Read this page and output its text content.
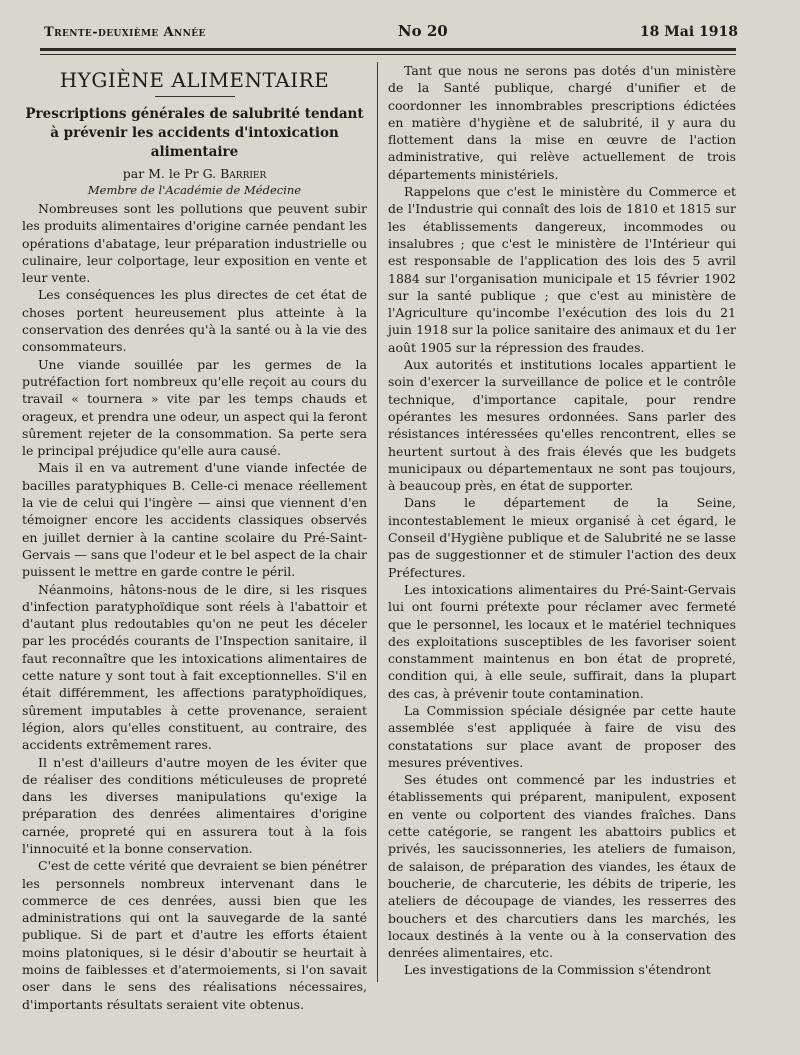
Trente-deuxième Année	No 20	18 Mai 1918
HYGIÈNE ALIMENTAIRE
Prescriptions générales de salubrité tendant
à prévenir les accidents d'intoxication alimentaire
par M. le Pr G. Barrier
Membre de l'Académie de Médecine

Nombreuses sont les pollutions que peuvent subir les produits alimentaires d'origine carnée pendant les opérations d'abatage, leur préparation industrielle ou culinaire, leur colportage, leur exposition en vente et leur vente.

Les conséquences les plus directes de cet état de choses portent heureusement plus atteinte à la conservation des denrées qu'à la santé ou à la vie des consommateurs.

Une viande souillée par les germes de la putréfaction fort nombreux qu'elle reçoit au cours du travail « tournera » vite par les temps chauds et orageux, et prendra une odeur, un aspect qui la feront sûrement rejeter de la consommation. Sa perte sera le principal préjudice qu'elle aura causé.

Mais il en va autrement d'une viande infectée de bacilles paratyphiques B. Celle-ci menace réellement la vie de celui qui l'ingère — ainsi que viennent d'en témoigner encore les accidents classiques observés en juillet dernier à la cantine scolaire du Pré-Saint-Gervais — sans que l'odeur et le bel aspect de la chair puissent le mettre en garde contre le péril.

Néanmoins, hâtons-nous de le dire, si les risques d'infection paratyphoïdique sont réels à l'abattoir et d'autant plus redoutables qu'on ne peut les déceler par les procédés courants de l'Inspection sanitaire, il faut reconnaître que les intoxications alimentaires de cette nature y sont tout à fait exceptionnelles. S'il en était différemment, les affections paratyphoïdiques, sûrement imputables à cette provenance, seraient légion, alors qu'elles constituent, au contraire, des accidents extrêmement rares.

Il n'est d'ailleurs d'autre moyen de les éviter que de réaliser des conditions méticuleuses de propreté dans les diverses manipulations qu'exige la préparation des denrées alimentaires d'origine carnée, propreté qui en assurera tout à la fois l'innocuité et la bonne conservation.

C'est de cette vérité que devraient se bien pénétrer les personnels nombreux intervenant dans le commerce de ces denrées, aussi bien que les administrations qui ont la sauvegarde de la santé publique. Si de part et d'autre les efforts étaient moins platoniques, si le désir d'aboutir se heurtait à moins de faiblesses et d'atermoiements, si l'on savait oser dans le sens des réalisations nécessaires, d'importants résultats seraient vite obtenus.

Tant que nous ne serons pas dotés d'un ministère de la Santé publique, chargé d'unifier et de coordonner les innombrables prescriptions édictées en matière d'hygiène et de salubrité, il y aura du flottement dans la mise en œuvre de l'action administrative, qui relève actuellement de trois départements ministériels.

Rappelons que c'est le ministère du Commerce et de l'Industrie qui connaît des lois de 1810 et 1815 sur les établissements dangereux, incommodes ou insalubres ; que c'est le ministère de l'Intérieur qui est responsable de l'application des lois des 5 avril 1884 sur l'organisation municipale et 15 février 1902 sur la santé publique ; que c'est au ministère de l'Agriculture qu'incombe l'exécution des lois du 21 juin 1918 sur la police sanitaire des animaux et du 1er août 1905 sur la répression des fraudes.

Aux autorités et institutions locales appartient le soin d'exercer la surveillance de police et le contrôle technique, d'importance capitale, pour rendre opérantes les mesures ordonnées. Sans parler des résistances intéressées qu'elles rencontrent, elles se heurtent surtout à des frais élevés que les budgets municipaux ou départementaux ne sont pas toujours, à beaucoup près, en état de supporter.

Dans le département de la Seine, incontestablement le mieux organisé à cet égard, le Conseil d'Hygiène publique et de Salubrité ne se lasse pas de suggestionner et de stimuler l'action des deux Préfectures.

Les intoxications alimentaires du Pré-Saint-Gervais lui ont fourni prétexte pour réclamer avec fermeté que le personnel, les locaux et le matériel techniques des exploitations susceptibles de les favoriser soient constamment maintenus en bon état de propreté, condition qui, à elle seule, suffirait, dans la plupart des cas, à prévenir toute contamination.

La Commission spéciale désignée par cette haute assemblée s'est appliquée à faire de visu des constatations sur place avant de proposer des mesures préventives.

Ses études ont commencé par les industries et établissements qui préparent, manipulent, exposent en vente ou colportent des viandes fraîches. Dans cette catégorie, se rangent les abattoirs publics et privés, les saucissonneries, les ateliers de fumaison, de salaison, de préparation des viandes, les étaux de boucherie, de charcuterie, les débits de triperie, les ateliers de découpage de viandes, les resserres des bouchers et des charcutiers dans les marchés, les locaux destinés à la vente ou à la conservation des denrées alimentaires, etc.

Les investigations de la Commission s'étendront
